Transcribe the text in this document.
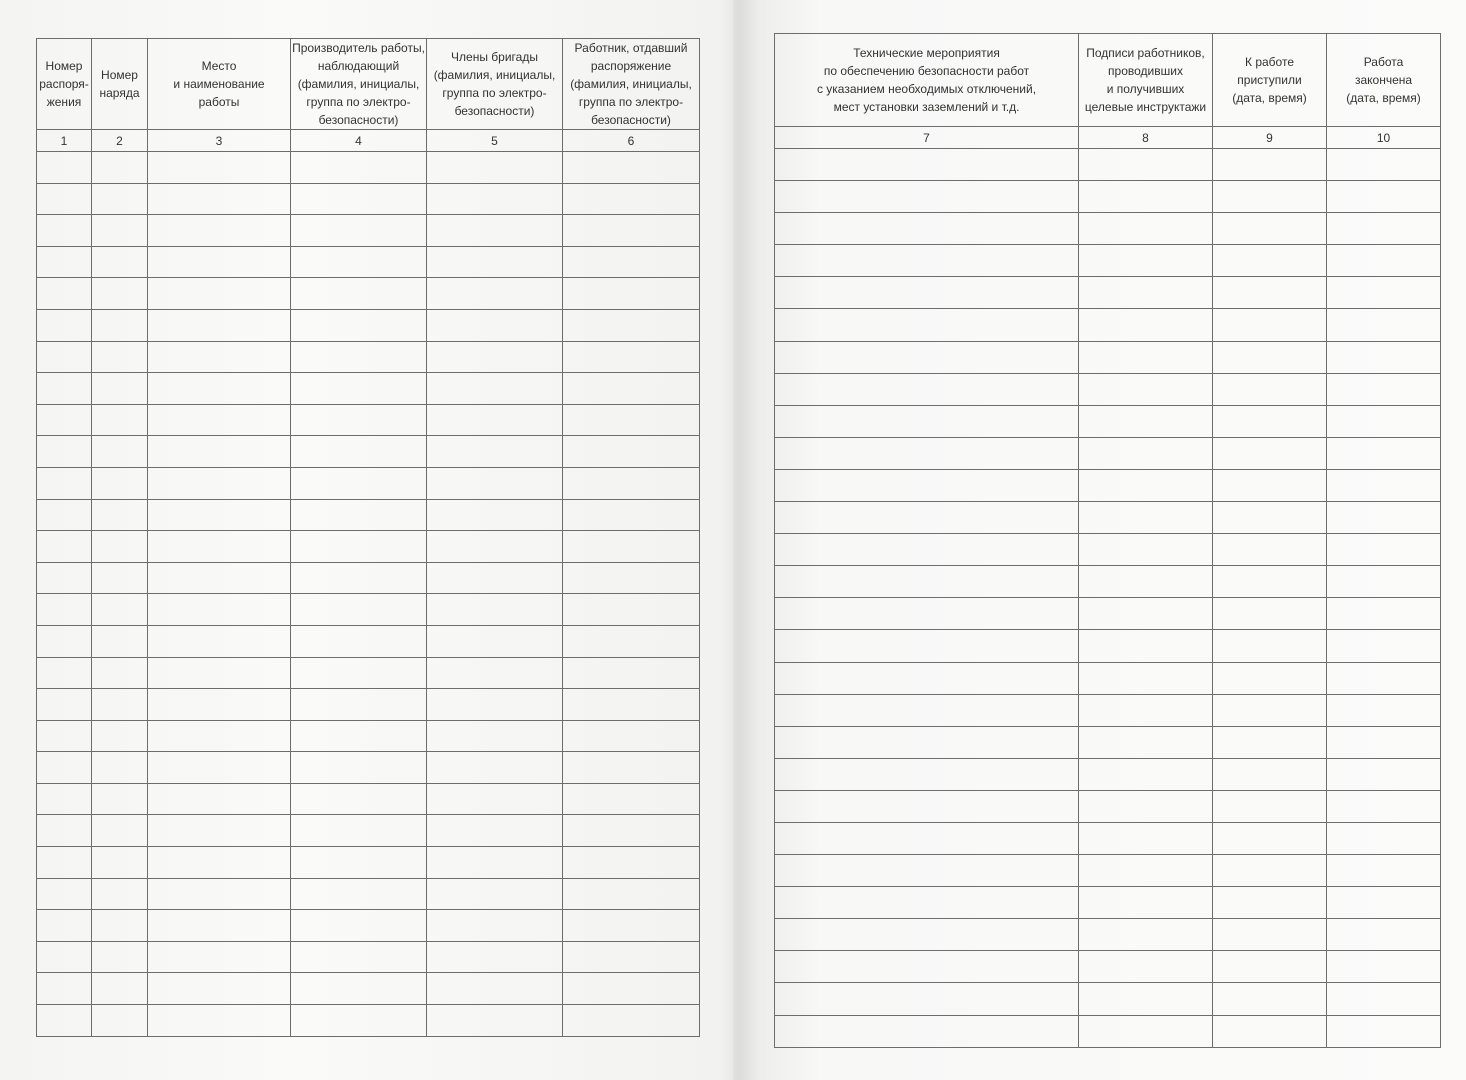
Номер
распоря-
жения	Номер
наряда	Место
и наименование
работы	Производитель работы,
наблюдающий
(фамилия, инициалы,
группа по электро-
безопасности)	Члены бригады
(фамилия, инициалы,
группа по электро-
безопасности)	Работник, отдавший
распоряжение
(фамилия, инициалы,
группа по электро-
безопасности)
1	2	3	4	5	6

Технические мероприятия
по обеспечению безопасности работ
с указанием необходимых отключений,
мест установки заземлений и т.д.	Подписи работников,
проводивших
и получивших
целевые инструктажи	К работе
приступили
(дата, время)	Работа
закончена
(дата, время)
7	8	9	10
